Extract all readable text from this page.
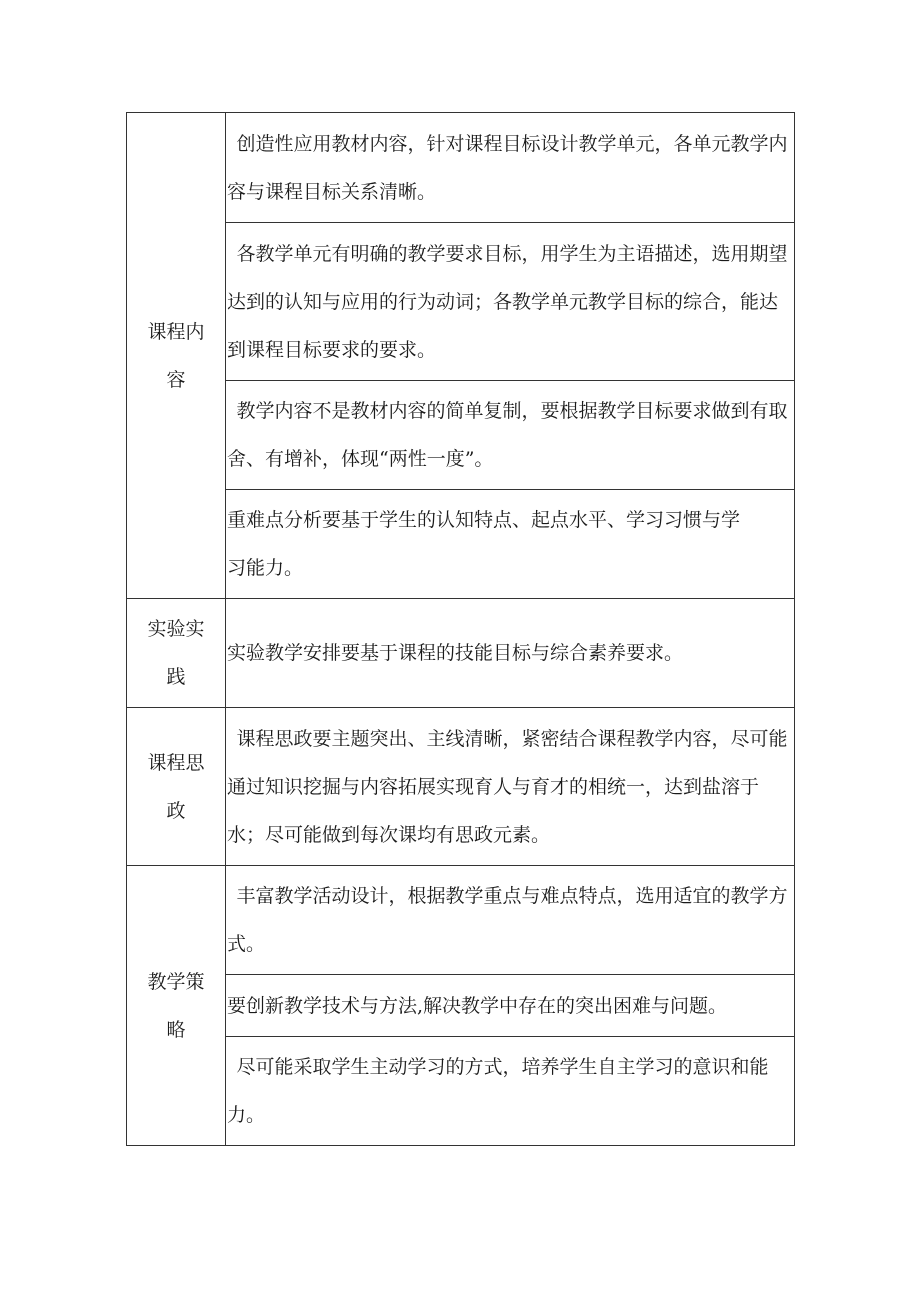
课程内容	创造性应用教材内容，针对课程目标设计教学单元，各单元教学内容与课程目标关系清晰。

	各教学单元有明确的教学要求目标，用学生为主语描述，选用期望达到的认知与应用的行为动词；各教学单元教学目标的综合，能达到课程目标要求的要求。

	教学内容不是教材内容的简单复制，要根据教学目标要求做到有取舍、有增补，体现“两性一度”。

	重难点分析要基于学生的认知特点、起点水平、学习习惯与学习能力。

实验实践	实验教学安排要基于课程的技能目标与综合素养要求。

课程思政	课程思政要主题突出、主线清晰，紧密结合课程教学内容，尽可能通过知识挖掘与内容拓展实现育人与育才的相统一，达到盐溶于水；尽可能做到每次课均有思政元素。

教学策略	丰富教学活动设计，根据教学重点与难点特点，选用适宜的教学方式。

	要创新教学技术与方法,解决教学中存在的突出困难与问题。

	尽可能采取学生主动学习的方式，培养学生自主学习的意识和能力。
